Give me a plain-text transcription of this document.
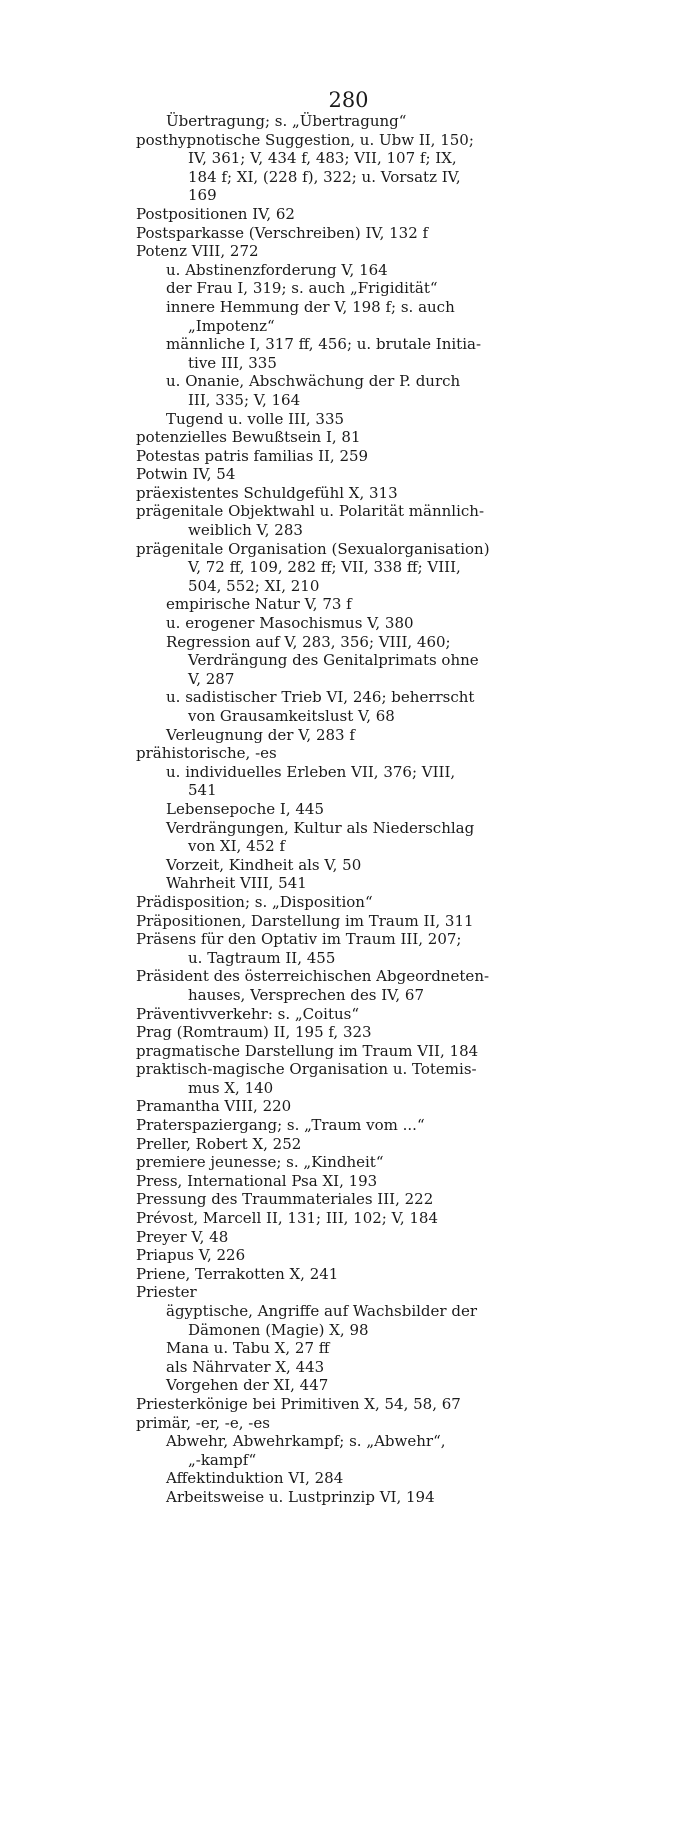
280
Übertragung; s. „Übertragung“
posthypnotische Suggestion, u. Ubw II, 150;
IV, 361; V, 434 f, 483; VII, 107 f; IX,
184 f; XI, (228 f), 322; u. Vorsatz IV,
169
Postpositionen IV, 62
Postsparkasse (Verschreiben) IV, 132 f
Potenz VIII, 272
u. Abstinenzforderung V, 164
der Frau I, 319; s. auch „Frigidität“
innere Hemmung der V, 198 f; s. auch
„Impotenz“
männliche I, 317 ff, 456; u. brutale Initia-
tive III, 335
u. Onanie, Abschwächung der P. durch
III, 335; V, 164
Tugend u. volle III, 335
potenzielles Bewußtsein I, 81
Potestas patris familias II, 259
Potwin IV, 54
präexistentes Schuldgefühl X, 313
prägenitale Objektwahl u. Polarität männlich-
weiblich V, 283
prägenitale Organisation (Sexualorganisation)
V, 72 ff, 109, 282 ff; VII, 338 ff; VIII,
504, 552; XI, 210
empirische Natur V, 73 f
u. erogener Masochismus V, 380
Regression auf V, 283, 356; VIII, 460;
Verdrängung des Genitalprimats ohne
V, 287
u. sadistischer Trieb VI, 246; beherrscht
von Grausamkeitslust V, 68
Verleugnung der V, 283 f
prähistorische, -es
u. individuelles Erleben VII, 376; VIII,
541
Lebensepoche I, 445
Verdrängungen, Kultur als Niederschlag
von XI, 452 f
Vorzeit, Kindheit als V, 50
Wahrheit VIII, 541
Prädisposition; s. „Disposition“
Präpositionen, Darstellung im Traum II, 311
Präsens für den Optativ im Traum III, 207;
u. Tagtraum II, 455
Präsident des österreichischen Abgeordneten-
hauses, Versprechen des IV, 67
Präventivverkehr: s. „Coitus“
Prag (Romtraum) II, 195 f, 323
pragmatische Darstellung im Traum VII, 184
praktisch-magische Organisation u. Totemis-
mus X, 140
Pramantha VIII, 220
Praterspaziergang; s. „Traum vom ...“
Preller, Robert X, 252
premiere jeunesse; s. „Kindheit“
Press, International Psa XI, 193
Pressung des Traummateriales III, 222
Prévost, Marcell II, 131; III, 102; V, 184
Preyer V, 48
Priapus V, 226
Priene, Terrakotten X, 241
Priester
ägyptische, Angriffe auf Wachsbilder der
Dämonen (Magie) X, 98
Mana u. Tabu X, 27 ff
als Nährvater X, 443
Vorgehen der XI, 447
Priesterkönige bei Primitiven X, 54, 58, 67
primär, -er, -e, -es
Abwehr, Abwehrkampf; s. „Abwehr“,
„-kampf“
Affektinduktion VI, 284
Arbeitsweise u. Lustprinzip VI, 194
